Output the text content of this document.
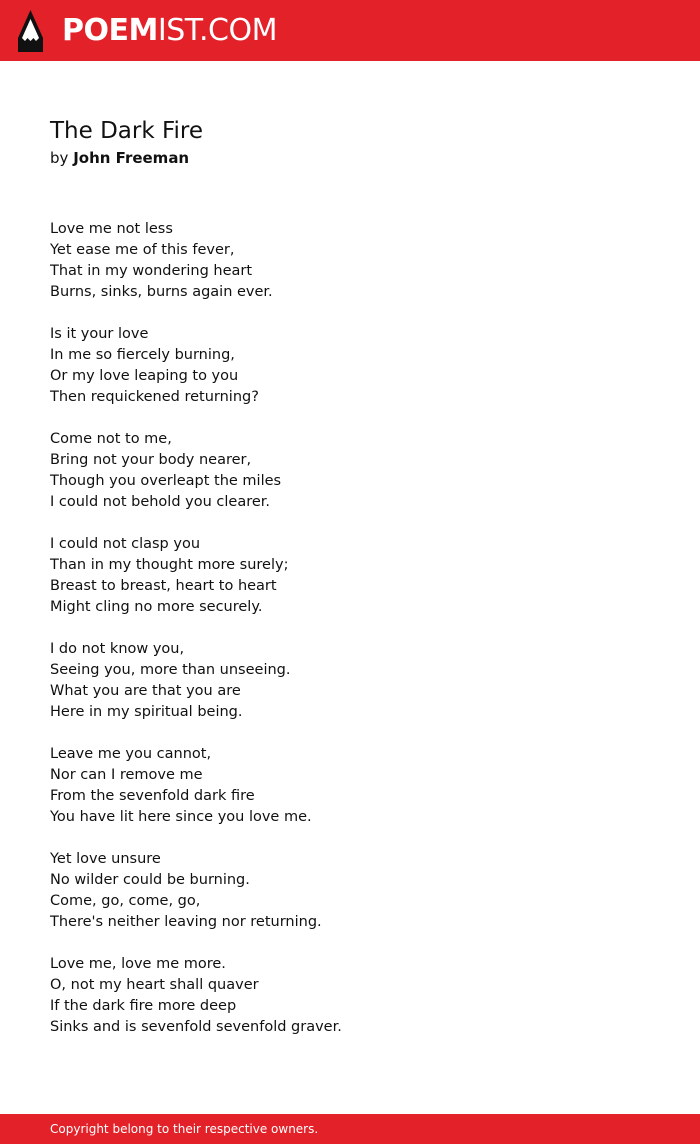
POEMIST.COM
The Dark Fire
by John Freeman
Love me not less
Yet ease me of this fever,
That in my wondering heart
Burns, sinks, burns again ever.
Is it your love
In me so fiercely burning,
Or my love leaping to you
Then requickened returning?
Come not to me,
Bring not your body nearer,
Though you overleapt the miles
I could not behold you clearer.
I could not clasp you
Than in my thought more surely;
Breast to breast, heart to heart
Might cling no more securely.
I do not know you,
Seeing you, more than unseeing.
What you are that you are
Here in my spiritual being.
Leave me you cannot,
Nor can I remove me
From the sevenfold dark fire
You have lit here since you love me.
Yet love unsure
No wilder could be burning.
Come, go, come, go,
There's neither leaving nor returning.
Love me, love me more.
O, not my heart shall quaver
If the dark fire more deep
Sinks and is sevenfold sevenfold graver.
Copyright belong to their respective owners.
